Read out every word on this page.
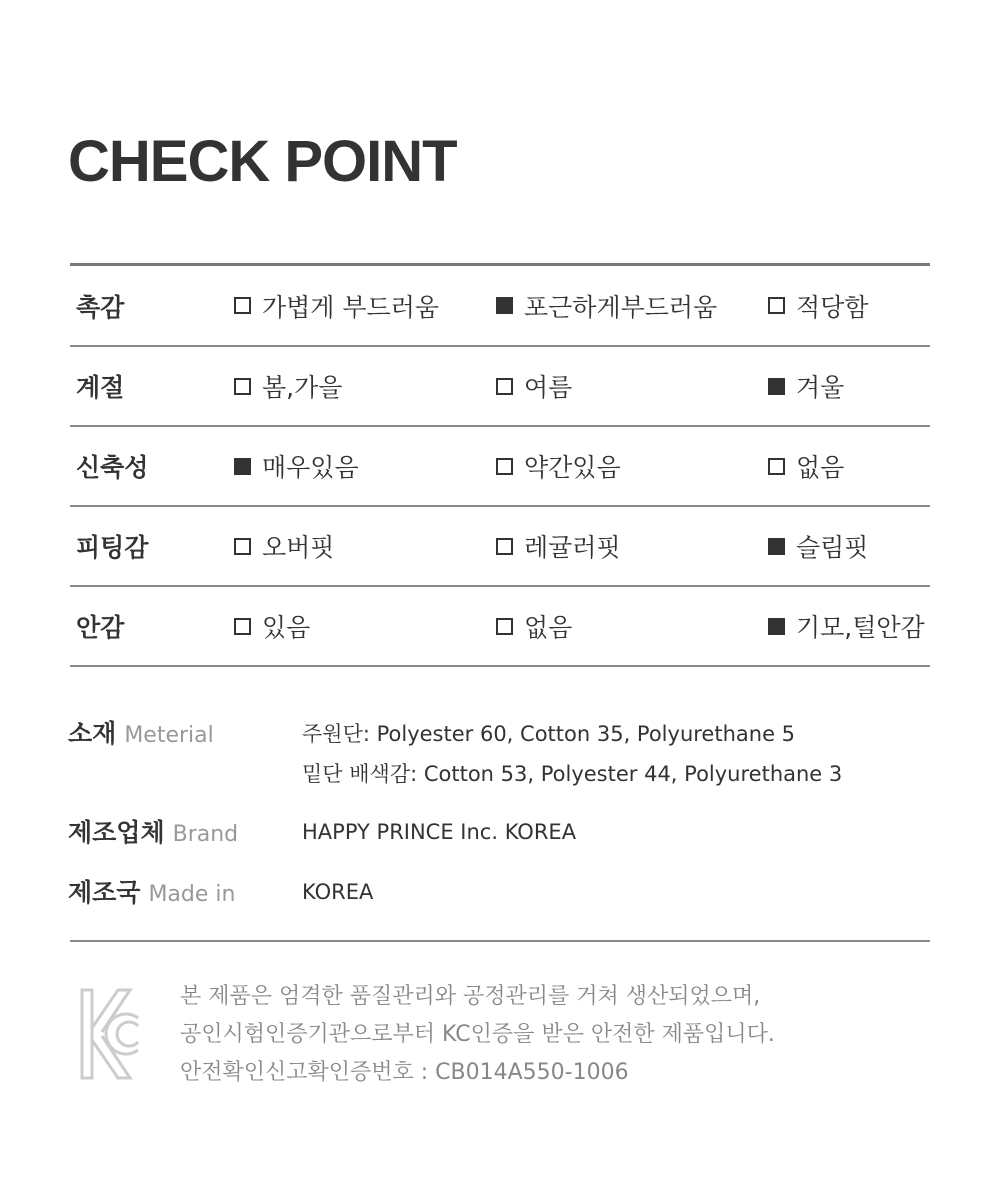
CHECK POINT
촉감	가볍게 부드러움	포근하게부드러움	적당함
계절	봄,가을	여름	겨울
신축성	매우있음	약간있음	없음
피팅감	오버핏	레귤러핏	슬림핏
안감	있음	없음	기모,털안감
소재 Meterial	주원단: Polyester 60, Cotton 35, Polyurethane 5
밑단 배색감: Cotton 53, Polyester 44, Polyurethane 3
제조업체 Brand	HAPPY PRINCE Inc. KOREA
제조국 Made in	KOREA
본 제품은 엄격한 품질관리와 공정관리를 거쳐 생산되었으며,
공인시험인증기관으로부터 KC인증을 받은 안전한 제품입니다.
안전확인신고확인증번호 : CB014A550-1006
